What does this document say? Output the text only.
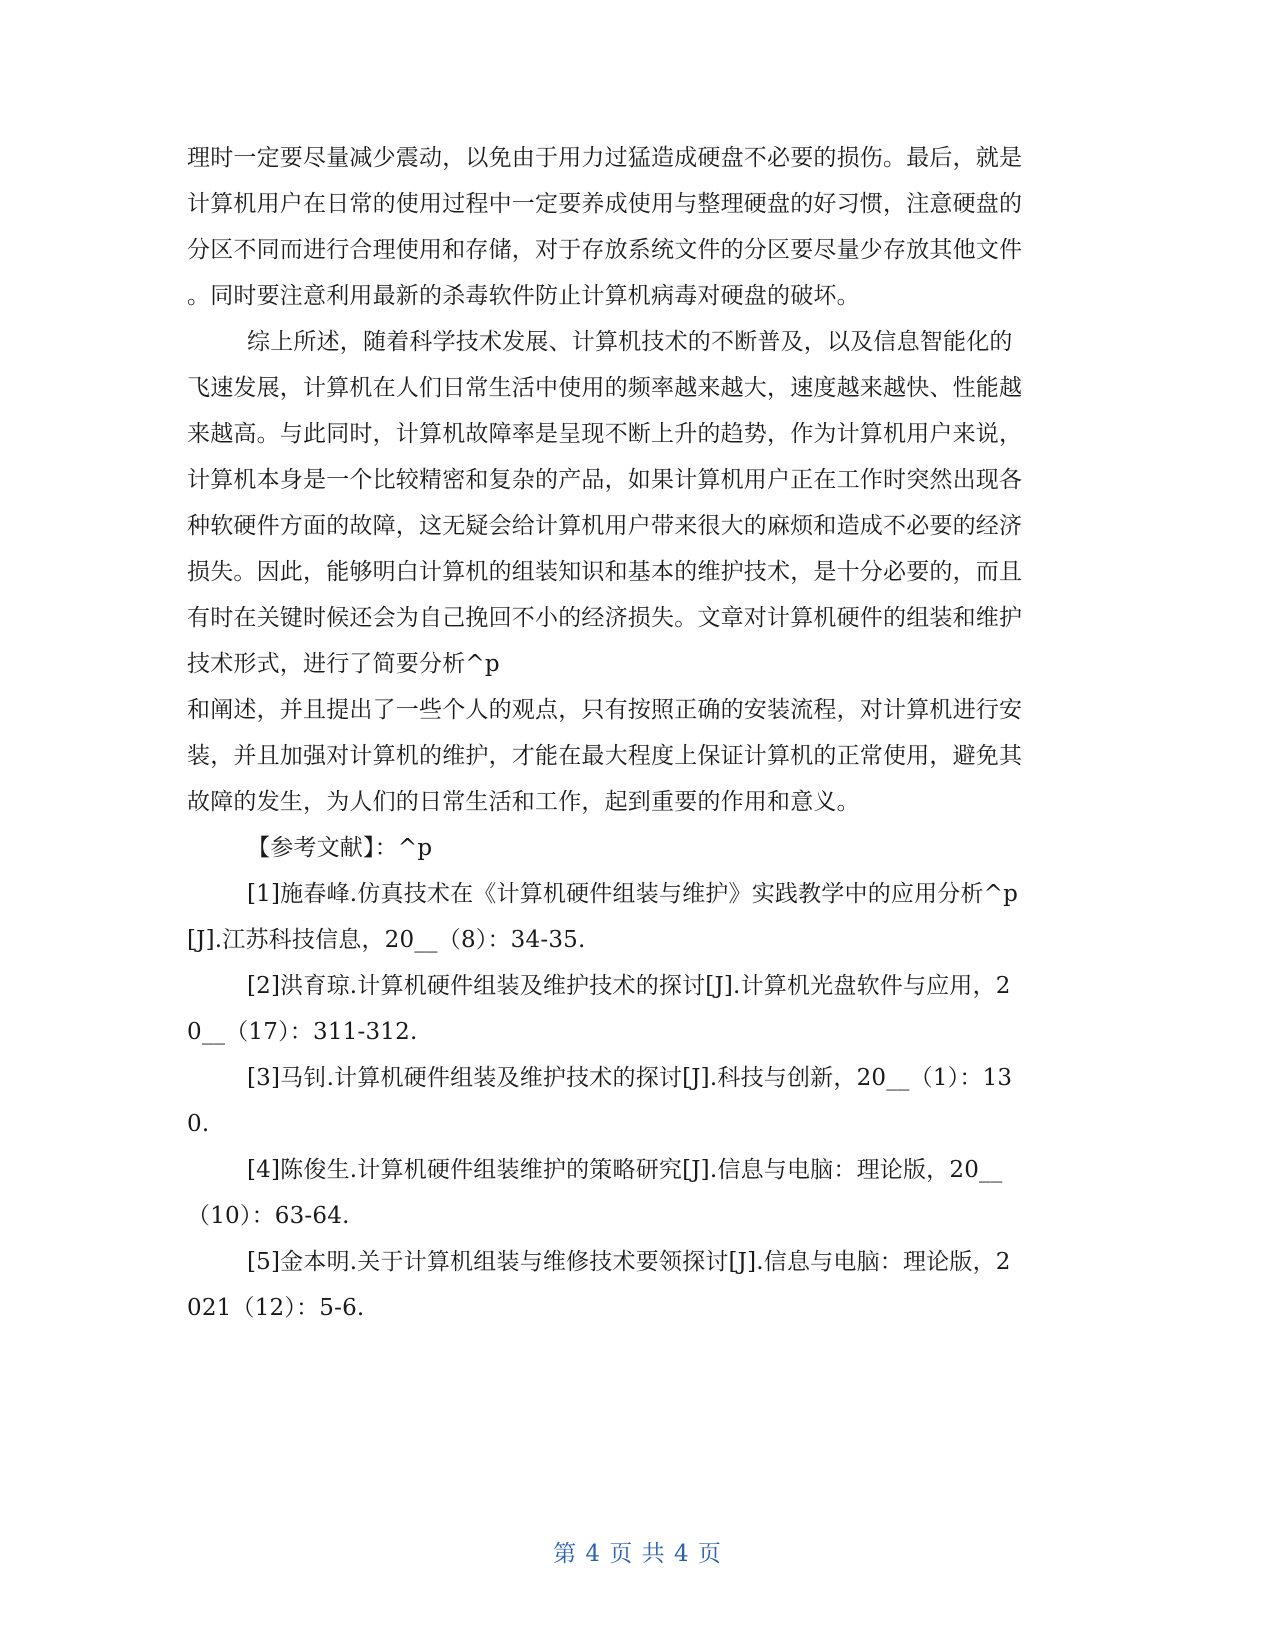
理时一定要尽量减少震动，以免由于用力过猛造成硬盘不必要的损伤。最后，就是
计算机用户在日常的使用过程中一定要养成使用与整理硬盘的好习惯，注意硬盘的
分区不同而进行合理使用和存储，对于存放系统文件的分区要尽量少存放其他文件
。同时要注意利用最新的杀毒软件防止计算机病毒对硬盘的破坏。
综上所述，随着科学技术发展、计算机技术的不断普及，以及信息智能化的
飞速发展，计算机在人们日常生活中使用的频率越来越大，速度越来越快、性能越
来越高。与此同时，计算机故障率是呈现不断上升的趋势，作为计算机用户来说，
计算机本身是一个比较精密和复杂的产品，如果计算机用户正在工作时突然出现各
种软硬件方面的故障，这无疑会给计算机用户带来很大的麻烦和造成不必要的经济
损失。因此，能够明白计算机的组装知识和基本的维护技术，是十分必要的，而且
有时在关键时候还会为自己挽回不小的经济损失。文章对计算机硬件的组装和维护
技术形式，进行了简要分析^p
和阐述，并且提出了一些个人的观点，只有按照正确的安装流程，对计算机进行安
装，并且加强对计算机的维护，才能在最大程度上保证计算机的正常使用，避免其
故障的发生，为人们的日常生活和工作，起到重要的作用和意义。
【参考文献】：^p
[1]施春峰.仿真技术在《计算机硬件组装与维护》实践教学中的应用分析^p
[J].江苏科技信息，20__（8）：34-35.
[2]洪育琼.计算机硬件组装及维护技术的探讨[J].计算机光盘软件与应用，2
0__（17）：311-312.
[3]马钊.计算机硬件组装及维护技术的探讨[J].科技与创新，20__（1）：13
0.
[4]陈俊生.计算机硬件组装维护的策略研究[J].信息与电脑：理论版，20__
（10）：63-64.
[5]金本明.关于计算机组装与维修技术要领探讨[J].信息与电脑：理论版，2
021（12）：5-6.
第 4 页 共 4 页
